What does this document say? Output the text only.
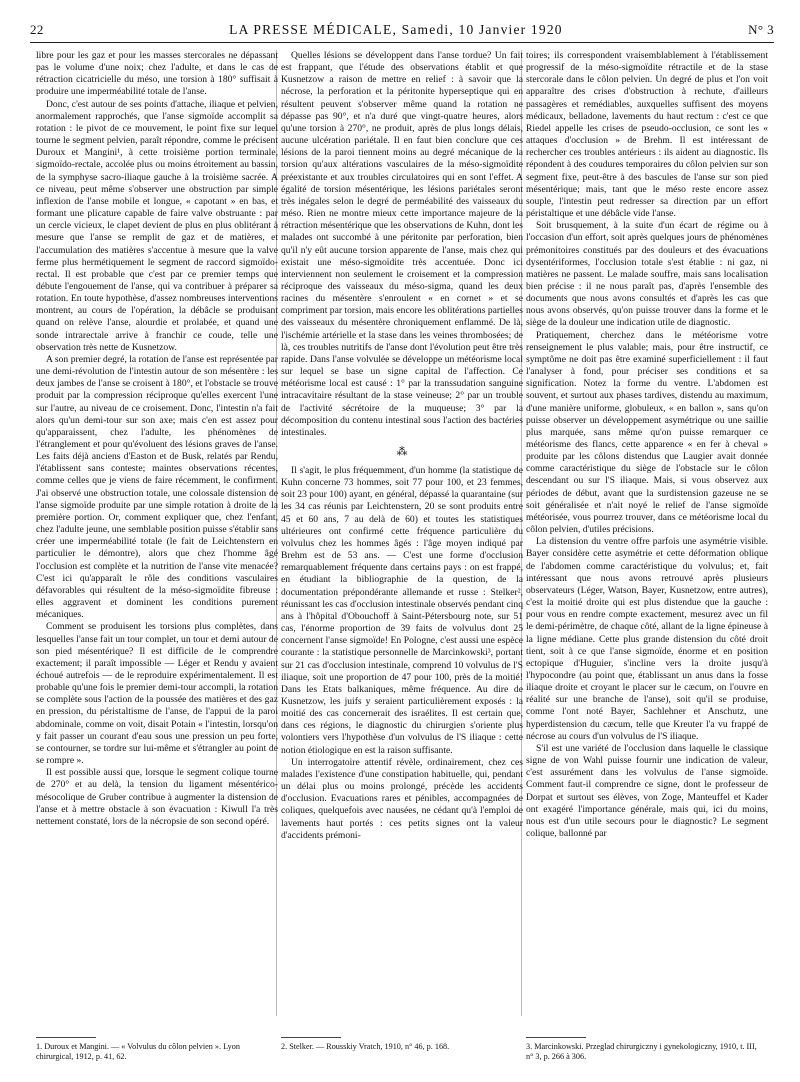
22	LA PRESSE MÉDICALE, Samedi, 10 Janvier 1920	N° 3

libre pour les gaz et pour les masses stercorales ne dépassant pas le volume d'une noix; chez l'adulte, et dans le cas de rétraction cicatricielle du méso, une torsion à 180° suffisait à produire une imperméabilité totale de l'anse.

Donc, c'est autour de ses points d'attache, iliaque et pelvien, anormalement rapprochés, que l'anse sigmoïde accomplit sa rotation : le pivot de ce mouvement, le point fixe sur lequel tourne le segment pelvien, paraît répondre, comme le précisent Duroux et Mangini¹, à cette troisième portion terminale, sigmoïdo-rectale, accolée plus ou moins étroitement au bassin, de la symphyse sacro-iliaque gauche à la troisième sacrée. A ce niveau, peut même s'observer une obstruction par simple inflexion de l'anse mobile et longue, « capotant » en bas, et formant une plicature capable de faire valve obstruante : par un cercle vicieux, le clapet devient de plus en plus oblitérant à mesure que l'anse se remplit de gaz et de matières, et l'accumulation des matières s'accentue à mesure que la valve ferme plus hermétiquement le segment de raccord sigmoïdo-rectal. Il est probable que c'est par ce premier temps que débute l'engouement de l'anse, qui va contribuer à préparer sa rotation. En toute hypothèse, d'assez nombreuses interventions montrent, au cours de l'opération, la débâcle se produisant quand on relève l'anse, alourdie et prolabée, et quand une sonde intrarectale arrive à franchir ce coude, telle une observation très nette de Kusnetzow.

A son premier degré, la rotation de l'anse est représentée par une demi-révolution de l'intestin autour de son mésentère : les deux jambes de l'anse se croisent à 180°, et l'obstacle se trouve produit par la compression réciproque qu'elles exercent l'une sur l'autre, au niveau de ce croisement. Donc, l'intestin n'a fait alors qu'un demi-tour sur son axe; mais c'en est assez pour qu'apparaissent, chez l'adulte, les phénomènes de l'étranglement et pour qu'évoluent des lésions graves de l'anse. Les faits déjà anciens d'Easton et de Busk, relatés par Rendu, l'établissent sans conteste; maintes observations récentes, comme celles que je viens de faire récemment, le confirment. J'ai observé une obstruction totale, une colossale distension de l'anse sigmoïde produite par une simple rotation à droite de la première portion. Or, comment expliquer que, chez l'enfant, chez l'adulte jeune, une semblable position puisse s'établir sans créer une imperméabilité totale (le fait de Leichtenstern en particulier le démontre), alors que chez l'homme âgé l'occlusion est complète et la nutrition de l'anse vite menacée? C'est ici qu'apparaît le rôle des conditions vasculaires défavorables qui résultent de la méso-sigmoïdite fibreuse : elles aggravent et dominent les conditions purement mécaniques.

Comment se produisent les torsions plus complètes, dans lesquelles l'anse fait un tour complet, un tour et demi autour de son pied mésentérique? Il est difficile de le comprendre exactement; il paraît impossible — Léger et Rendu y avaient échoué autrefois — de le reproduire expérimentalement. Il est probable qu'une fois le premier demi-tour accompli, la rotation se complète sous l'action de la poussée des matières et des gaz en pression, du péristaltisme de l'anse, de l'appui de la paroi abdominale, comme on voit, disait Potain « l'intestin, lorsqu'on y fait passer un courant d'eau sous une pression un peu forte, se contourner, se tordre sur lui-même et s'étrangler au point de se rompre ».

Il est possible aussi que, lorsque le segment colique tourne de 270° et au delà, la tension du ligament mésentérico-mésocolique de Gruber contribue à augmenter la distension de l'anse et à mettre obstacle à son évacuation : Kiwull l'a très nettement constaté, lors de la nécropsie de son second opéré.

Quelles lésions se développent dans l'anse tordue? Un fait est frappant, que l'étude des observations établit et que Kusnetzow a raison de mettre en relief : à savoir que la nécrose, la perforation et la péritonite hyperseptique qui en résultent peuvent s'observer même quand la rotation ne dépasse pas 90°, et n'a duré que vingt-quatre heures, alors qu'une torsion à 270°, ne produit, après de plus longs délais, aucune ulcération pariétale. Il en faut bien conclure que ces lésions de la paroi tiennent moins au degré mécanique de la torsion qu'aux altérations vasculaires de la méso-sigmoïdite préexistante et aux troubles circulatoires qui en sont l'effet. A égalité de torsion mésentérique, les lésions pariétales seront très inégales selon le degré de perméabilité des vaisseaux du méso. Rien ne montre mieux cette importance majeure de la rétraction mésentérique que les observations de Kuhn, dont les malades ont succombé à une péritonite par perforation, bien qu'il n'y eût aucune torsion apparente de l'anse, mais chez qui existait une méso-sigmoïdite très accentuée. Donc ici interviennent non seulement le croisement et la compression réciproque des vaisseaux du méso-sigma, quand les deux racines du mésentère s'enroulent « en cornet » et se compriment par torsion, mais encore les oblitérations partielles des vaisseaux du mésentère chroniquement enflammé. De là, l'ischémie artérielle et la stase dans les veines thrombosées; de là, ces troubles nutritifs de l'anse dont l'évolution peut être très rapide. Dans l'anse volvulée se développe un météorisme local sur lequel se base un signe capital de l'affection. Ce météorisme local est causé : 1° par la transsudation sanguine intracavitaire résultant de la stase veineuse; 2° par un trouble de l'activité sécrétoire de la muqueuse; 3° par la décomposition du contenu intestinal sous l'action des bactéries intestinales.

⁂

Il s'agit, le plus fréquemment, d'un homme (la statistique de Kuhn concerne 73 hommes, soit 77 pour 100, et 23 femmes, soit 23 pour 100) ayant, en général, dépassé la quarantaine (sur les 34 cas réunis par Leichtenstern, 20 se sont produits entre 45 et 60 ans, 7 au delà de 60) et toutes les statistiques ultérieures ont confirmé cette fréquence particulière du volvulus chez les hommes âgés : l'âge moyen indiqué par Brehm est de 53 ans. — C'est une forme d'occlusion remarquablement fréquente dans certains pays : on est frappé, en étudiant la bibliographie de la question, de la documentation prépondérante allemande et russe : Stelker², réunissant les cas d'occlusion intestinale observés pendant cinq ans à l'hôpital d'Obouchoff à Saint-Pétersbourg note, sur 51 cas, l'énorme proportion de 39 faits de volvulus dont 25 concernent l'anse sigmoïde! En Pologne, c'est aussi une espèce courante : la statistique personnelle de Marcinkowski³, portant sur 21 cas d'occlusion intestinale, comprend 10 volvulus de l'S iliaque, soit une proportion de 47 pour 100, près de la moitié! Dans les Etats balkaniques, même fréquence. Au dire de Kusnetzow, les juifs y seraient particulièrement exposés : la moitié des cas concernerait des israélites. Il est certain que, dans ces régions, le diagnostic du chirurgien s'oriente plus volontiers vers l'hypothèse d'un volvulus de l'S iliaque : cette notion étiologique en est la raison suffisante.

Un interrogatoire attentif révèle, ordinairement, chez ces malades l'existence d'une constipation habituelle, qui, pendant un délai plus ou moins prolongé, précède les accidents d'occlusion. Evacuations rares et pénibles, accompagnées de coliques, quelquefois avec nausées, ne cédant qu'à l'emploi de lavements haut portés : ces petits signes ont la valeur d'accidents prémoni-

toires; ils correspondent vraisemblablement à l'établissement progressif de la méso-sigmoïdite rétractile et de la stase stercorale dans le côlon pelvien. Un degré de plus et l'on voit apparaître des crises d'obstruction à rechute, d'ailleurs passagères et remédiables, auxquelles suffisent des moyens médicaux, belladone, lavements du haut rectum : c'est ce que Riedel appelle les crises de pseudo-occlusion, ce sont les « attaques d'occlusion » de Brehm. Il est intéressant de rechercher ces troubles antérieurs : ils aident au diagnostic. Ils répondent à des coudures temporaires du côlon pelvien sur son segment fixe, peut-être à des bascules de l'anse sur son pied mésentérique; mais, tant que le méso reste encore assez souple, l'intestin peut redresser sa direction par un effort péristaltique et une débâcle vide l'anse.

Soit brusquement, à la suite d'un écart de régime ou à l'occasion d'un effort, soit après quelques jours de phénomènes prémonitoires constitués par des douleurs et des évacuations dysentériformes, l'occlusion totale s'est établie : ni gaz, ni matières ne passent. Le malade souffre, mais sans localisation bien précise : il ne nous paraît pas, d'après l'ensemble des documents que nous avons consultés et d'après les cas que nous avons observés, qu'on puisse trouver dans la forme et le siège de la douleur une indication utile de diagnostic.

Pratiquement, cherchez dans le météorisme votre renseignement le plus valable; mais, pour être instructif, ce symptôme ne doit pas être examiné superficiellement : il faut l'analyser à fond, pour préciser ses conditions et sa signification. Notez la forme du ventre. L'abdomen est souvent, et surtout aux phases tardives, distendu au maximum, d'une manière uniforme, globuleux, « en ballon », sans qu'on puisse observer un développement asymétrique ou une saillie plus marquée, sans même qu'on puisse remarquer ce météorisme des flancs, cette apparence « en fer à cheval » produite par les côlons distendus que Laugier avait donnée comme caractéristique du siège de l'obstacle sur le côlon descendant ou sur l'S iliaque. Mais, si vous observez aux périodes de début, avant que la surdistension gazeuse ne se soit généralisée et n'ait noyé le relief de l'anse sigmoïde météorisée, vous pourrez trouver, dans ce météorisme local du côlon pelvien, d'utiles précisions.

La distension du ventre offre parfois une asymétrie visible. Bayer considère cette asymétrie et cette déformation oblique de l'abdomen comme caractéristique du volvulus; et, fait intéressant que nous avons retrouvé après plusieurs observateurs (Léger, Watson, Bayer, Kusnetzow, entre autres), c'est la moitié droite qui est plus distendue que la gauche : pour vous en rendre compte exactement, mesurez avec un fil le demi-périmètre, de chaque côté, allant de la ligne épineuse à la ligne médiane. Cette plus grande distension du côté droit tient, soit à ce que l'anse sigmoïde, énorme et en position ectopique d'Huguier, s'incline vers la droite jusqu'à l'hypocondre (au point que, établissant un anus dans la fosse iliaque droite et croyant le placer sur le cæcum, on l'ouvre en réalité sur une branche de l'anse), soit qu'il se produise, comme l'ont noté Bayer, Sachlehner et Anschutz, une hyperdistension du cæcum, telle que Kreuter l'a vu frappé de nécrose au cours d'un volvulus de l'S iliaque.

S'il est une variété de l'occlusion dans laquelle le classique signe de von Wahl puisse fournir une indication de valeur, c'est assurément dans les volvulus de l'anse sigmoïde. Comment faut-il comprendre ce signe, dont le professeur de Dorpat et surtout ses élèves, von Zoge, Manteuffel et Kader ont exagéré l'importance générale, mais qui, ici du moins, nous est d'un utile secours pour le diagnostic? Le segment colique, ballonné par

1. Duroux et Mangini. — « Volvulus du côlon pelvien ». Lyon chirurgical, 1912, p. 41, 62.
2. Stelker. — Rousskiy Vratch, 1910, n° 46, p. 168.	3. Marcinkowski. Przeglad chirurgiczny i gynekologiczny, 1910, t. III, n° 3, p. 266 à 306.
